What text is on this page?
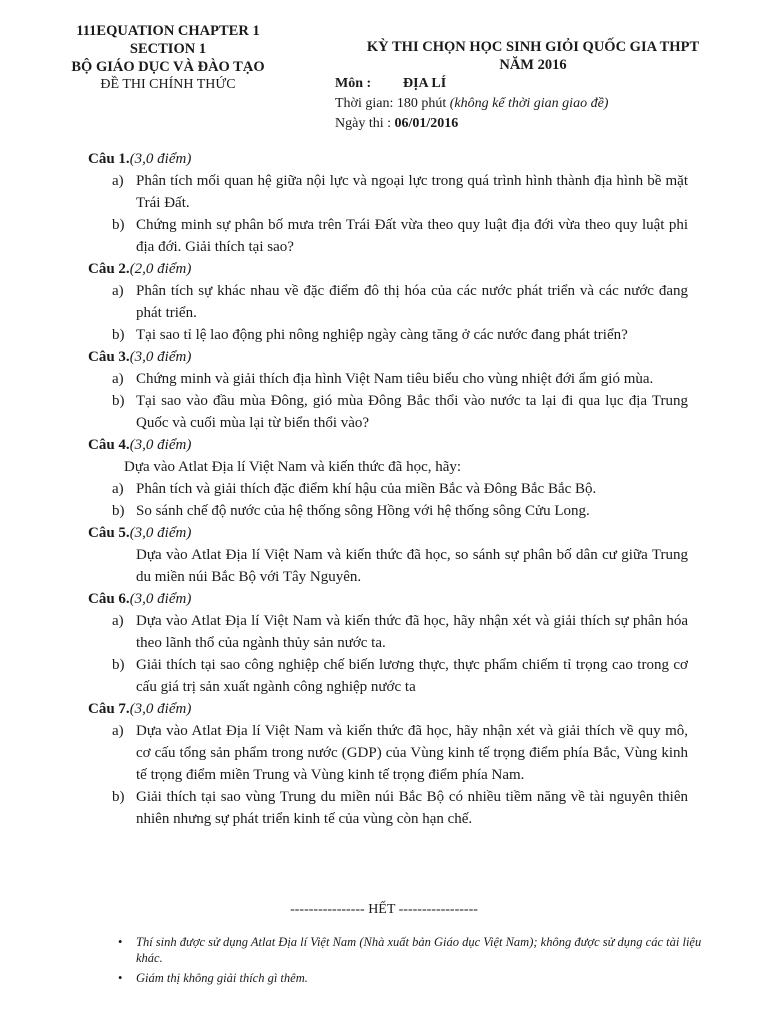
111EQUATION CHAPTER 1
SECTION 1
BỘ GIÁO DỤC VÀ ĐÀO TẠO
ĐỀ THI CHÍNH THỨC
KỲ THI CHỌN HỌC SINH GIỎI QUỐC GIA THPT
NĂM 2016
Môn : ĐỊA LÍ
Thời gian: 180 phút (không kể thời gian giao đề)
Ngày thi : 06/01/2016

Câu 1.(3,0 điểm)

a) Phân tích mối quan hệ giữa nội lực và ngoại lực trong quá trình hình thành địa hình bề mặt Trái Đất.

b) Chứng minh sự phân bố mưa trên Trái Đất vừa theo quy luật địa đới vừa theo quy luật phi địa đới. Giải thích tại sao?

Câu 2.(2,0 điểm)

a) Phân tích sự khác nhau về đặc điểm đô thị hóa của các nước phát triển và các nước đang phát triển.

b) Tại sao tỉ lệ lao động phi nông nghiệp ngày càng tăng ở các nước đang phát triển?

Câu 3.(3,0 điểm)

a) Chứng minh và giải thích địa hình Việt Nam tiêu biểu cho vùng nhiệt đới ẩm gió mùa.

b) Tại sao vào đầu mùa Đông, gió mùa Đông Bắc thổi vào nước ta lại đi qua lục địa Trung Quốc và cuối mùa lại từ biển thổi vào?

Câu 4.(3,0 điểm)

Dựa vào Atlat Địa lí Việt Nam và kiến thức đã học, hãy:

a) Phân tích và giải thích đặc điểm khí hậu của miền Bắc và Đông Bắc Bắc Bộ.

b) So sánh chế độ nước của hệ thống sông Hồng với hệ thống sông Cửu Long.

Câu 5.(3,0 điểm)

Dựa vào Atlat Địa lí Việt Nam và kiến thức đã học, so sánh sự phân bố dân cư giữa Trung du miền núi Bắc Bộ với Tây Nguyên.

Câu 6.(3,0 điểm)

a) Dựa vào Atlat Địa lí Việt Nam và kiến thức đã học, hãy nhận xét và giải thích sự phân hóa theo lãnh thổ của ngành thủy sản nước ta.

b) Giải thích tại sao công nghiệp chế biến lương thực, thực phẩm chiếm tỉ trọng cao trong cơ cấu giá trị sản xuất ngành công nghiệp nước ta

Câu 7.(3,0 điểm)

a) Dựa vào Atlat Địa lí Việt Nam và kiến thức đã học, hãy nhận xét và giải thích về quy mô, cơ cấu tổng sản phẩm trong nước (GDP) của Vùng kinh tế trọng điểm phía Bắc, Vùng kinh tế trọng điểm miền Trung và Vùng kinh tế trọng điểm phía Nam.

b) Giải thích tại sao vùng Trung du miền núi Bắc Bộ có nhiều tiềm năng về tài nguyên thiên nhiên nhưng sự phát triển kinh tế của vùng còn hạn chế.

---------------- HẾT -----------------

• Thí sinh được sử dụng Atlat Địa lí Việt Nam (Nhà xuất bản Giáo dục Việt Nam); không được sử dụng các tài liệu khác.

• Giám thị không giải thích gì thêm.
